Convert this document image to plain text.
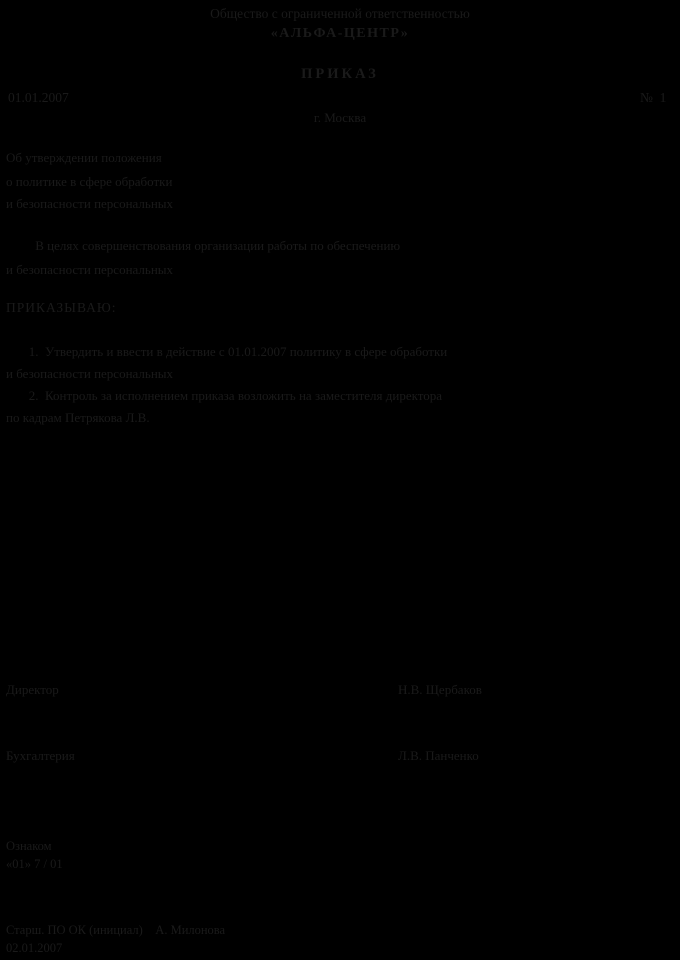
Общество с ограниченной ответственностью
«АЛЬФА-ЦЕНТР»
ПРИКАЗ
01.01.2007	№  1
г. Москва
Об утверждении положения
о политике в сфере обработки
и безопасности персональных
В целях совершенствования организации работы по обеспечению
и безопасности персональных
ПРИКАЗЫВАЮ:
1.  Утвердить и ввести в действие с 01.01.2007 политику в сфере обработки
и безопасности персональных
2.  Контроль за исполнением приказа возложить на заместителя директора
по кадрам Петрякова Л.В.
Директор	Н.В. Щербаков
Бухгалтерия	Л.В. Панченко
Ознаком
«01» 7 / 01
Старш. ПО ОК (инициал)    А. Милонова
02.01.2007
